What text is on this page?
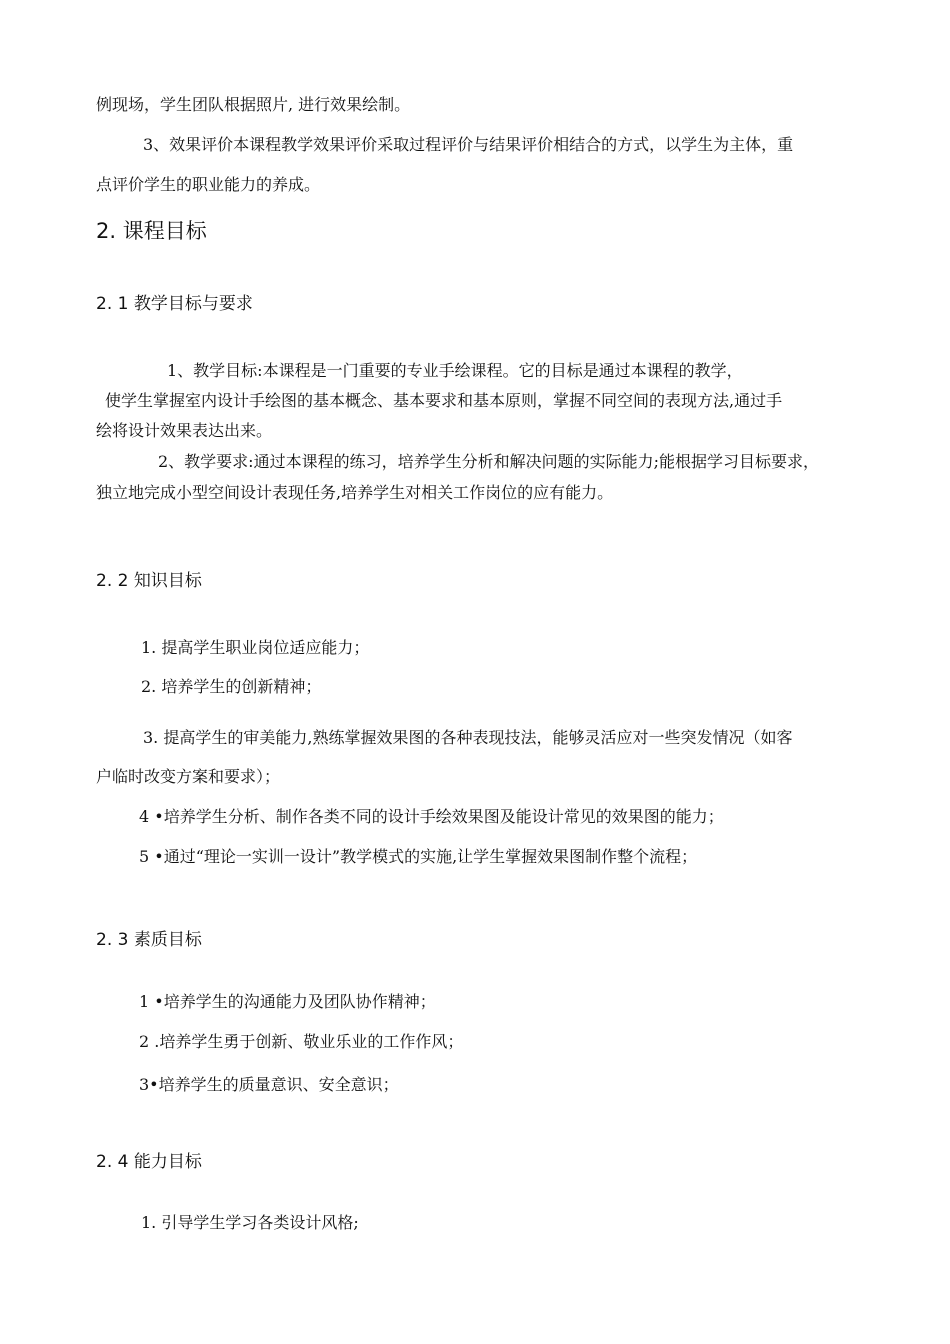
例现场，学生团队根据照片, 进行效果绘制。
3、效果评价本课程教学效果评价采取过程评价与结果评价相结合的方式，以学生为主体，重
点评价学生的职业能力的养成。
2. 课程目标
2. 1 教学目标与要求
1、教学目标:本课程是一门重要的专业手绘课程。它的目标是通过本课程的教学，
使学生掌握室内设计手绘图的基本概念、基本要求和基本原则，掌握不同空间的表现方法,通过手
绘将设计效果表达出来。
2、教学要求:通过本课程的练习，培养学生分析和解决问题的实际能力;能根据学习目标要求，
独立地完成小型空间设计表现任务,培养学生对相关工作岗位的应有能力。
2. 2 知识目标
1. 提高学生职业岗位适应能力；
2. 培养学生的创新精神；
3. 提高学生的审美能力,熟练掌握效果图的各种表现技法，能够灵活应对一些突发情况（如客
户临时改变方案和要求）；
4 •培养学生分析、制作各类不同的设计手绘效果图及能设计常见的效果图的能力；
5 •通过“理论一实训一设计”教学模式的实施,让学生掌握效果图制作整个流程；
2. 3 素质目标
1 •培养学生的沟通能力及团队协作精神；
2 .培养学生勇于创新、敬业乐业的工作作风；
3•培养学生的质量意识、安全意识；
2. 4 能力目标
1. 引导学生学习各类设计风格;
